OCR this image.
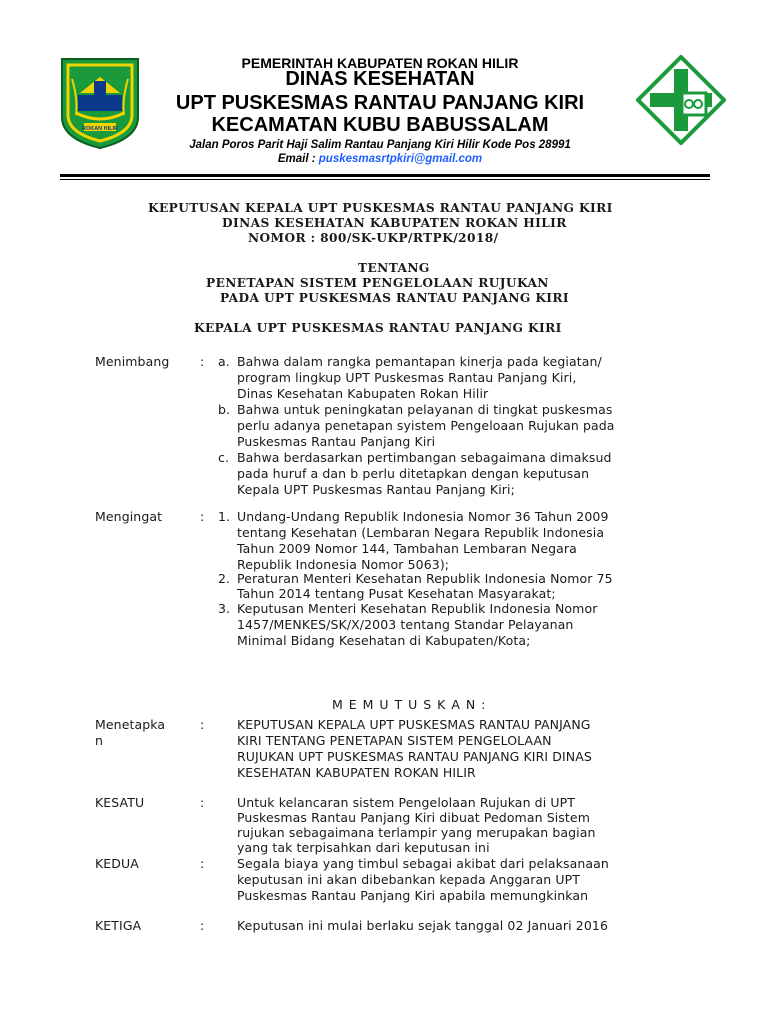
ROKAN HILIR
PEMERINTAH KABUPATEN ROKAN HILIR
DINAS KESEHATAN
UPT PUSKESMAS RANTAU PANJANG KIRI
KECAMATAN KUBU BABUSSALAM
Jalan Poros Parit Haji Salim Rantau Panjang Kiri Hilir Kode Pos 28991
Email : puskesmasrtpkiri@gmail.com
KEPUTUSAN KEPALA UPT PUSKESMAS RANTAU PANJANG KIRI
DINAS KESEHATAN KABUPATEN ROKAN HILIR
NOMOR : 800/SK-UKP/RTPK/2018/
TENTANG
PENETAPAN SISTEM PENGELOLAAN RUJUKAN
PADA UPT PUSKESMAS RANTAU PANJANG KIRI
KEPALA UPT PUSKESMAS RANTAU PANJANG KIRI
Menimbang : a. Bahwa dalam rangka pemantapan kinerja pada kegiatan/
program lingkup UPT Puskesmas Rantau Panjang Kiri,
Dinas Kesehatan Kabupaten Rokan Hilir
b. Bahwa untuk peningkatan pelayanan di tingkat puskesmas
perlu adanya penetapan syistem Pengeloaan Rujukan pada
Puskesmas Rantau Panjang Kiri
c. Bahwa berdasarkan pertimbangan sebagaimana dimaksud
pada huruf a dan b perlu ditetapkan dengan keputusan
Kepala UPT Puskesmas Rantau Panjang Kiri;
Mengingat	: 1. Undang-Undang Republik Indonesia Nomor 36 Tahun 2009
tentang Kesehatan (Lembaran Negara Republik Indonesia
Tahun 2009 Nomor 144, Tambahan Lembaran Negara
Republik Indonesia Nomor 5063);
2. Peraturan Menteri Kesehatan Republik Indonesia Nomor 75
Tahun 2014 tentang Pusat Kesehatan Masyarakat;
3. Keputusan Menteri Kesehatan Republik Indonesia Nomor
1457/MENKES/SK/X/2003 tentang Standar Pelayanan
Minimal Bidang Kesehatan di Kabupaten/Kota;
M E M U T U S K A N :
Menetapka
n
:	KEPUTUSAN KEPALA UPT PUSKESMAS RANTAU PANJANG
KIRI TENTANG PENETAPAN SISTEM PENGELOLAAN
RUJUKAN UPT PUSKESMAS RANTAU PANJANG KIRI DINAS
KESEHATAN KABUPATEN ROKAN HILIR
KESATU	:	Untuk kelancaran sistem Pengelolaan Rujukan di UPT
Puskesmas Rantau Panjang Kiri dibuat Pedoman Sistem
rujukan sebagaimana terlampir yang merupakan bagian
yang tak terpisahkan dari keputusan ini
KEDUA	:	Segala biaya yang timbul sebagai akibat dari pelaksanaan
keputusan ini akan dibebankan kepada Anggaran UPT
Puskesmas Rantau Panjang Kiri apabila memungkinkan
KETIGA	:	Keputusan ini mulai berlaku sejak tanggal 02 Januari 2016
